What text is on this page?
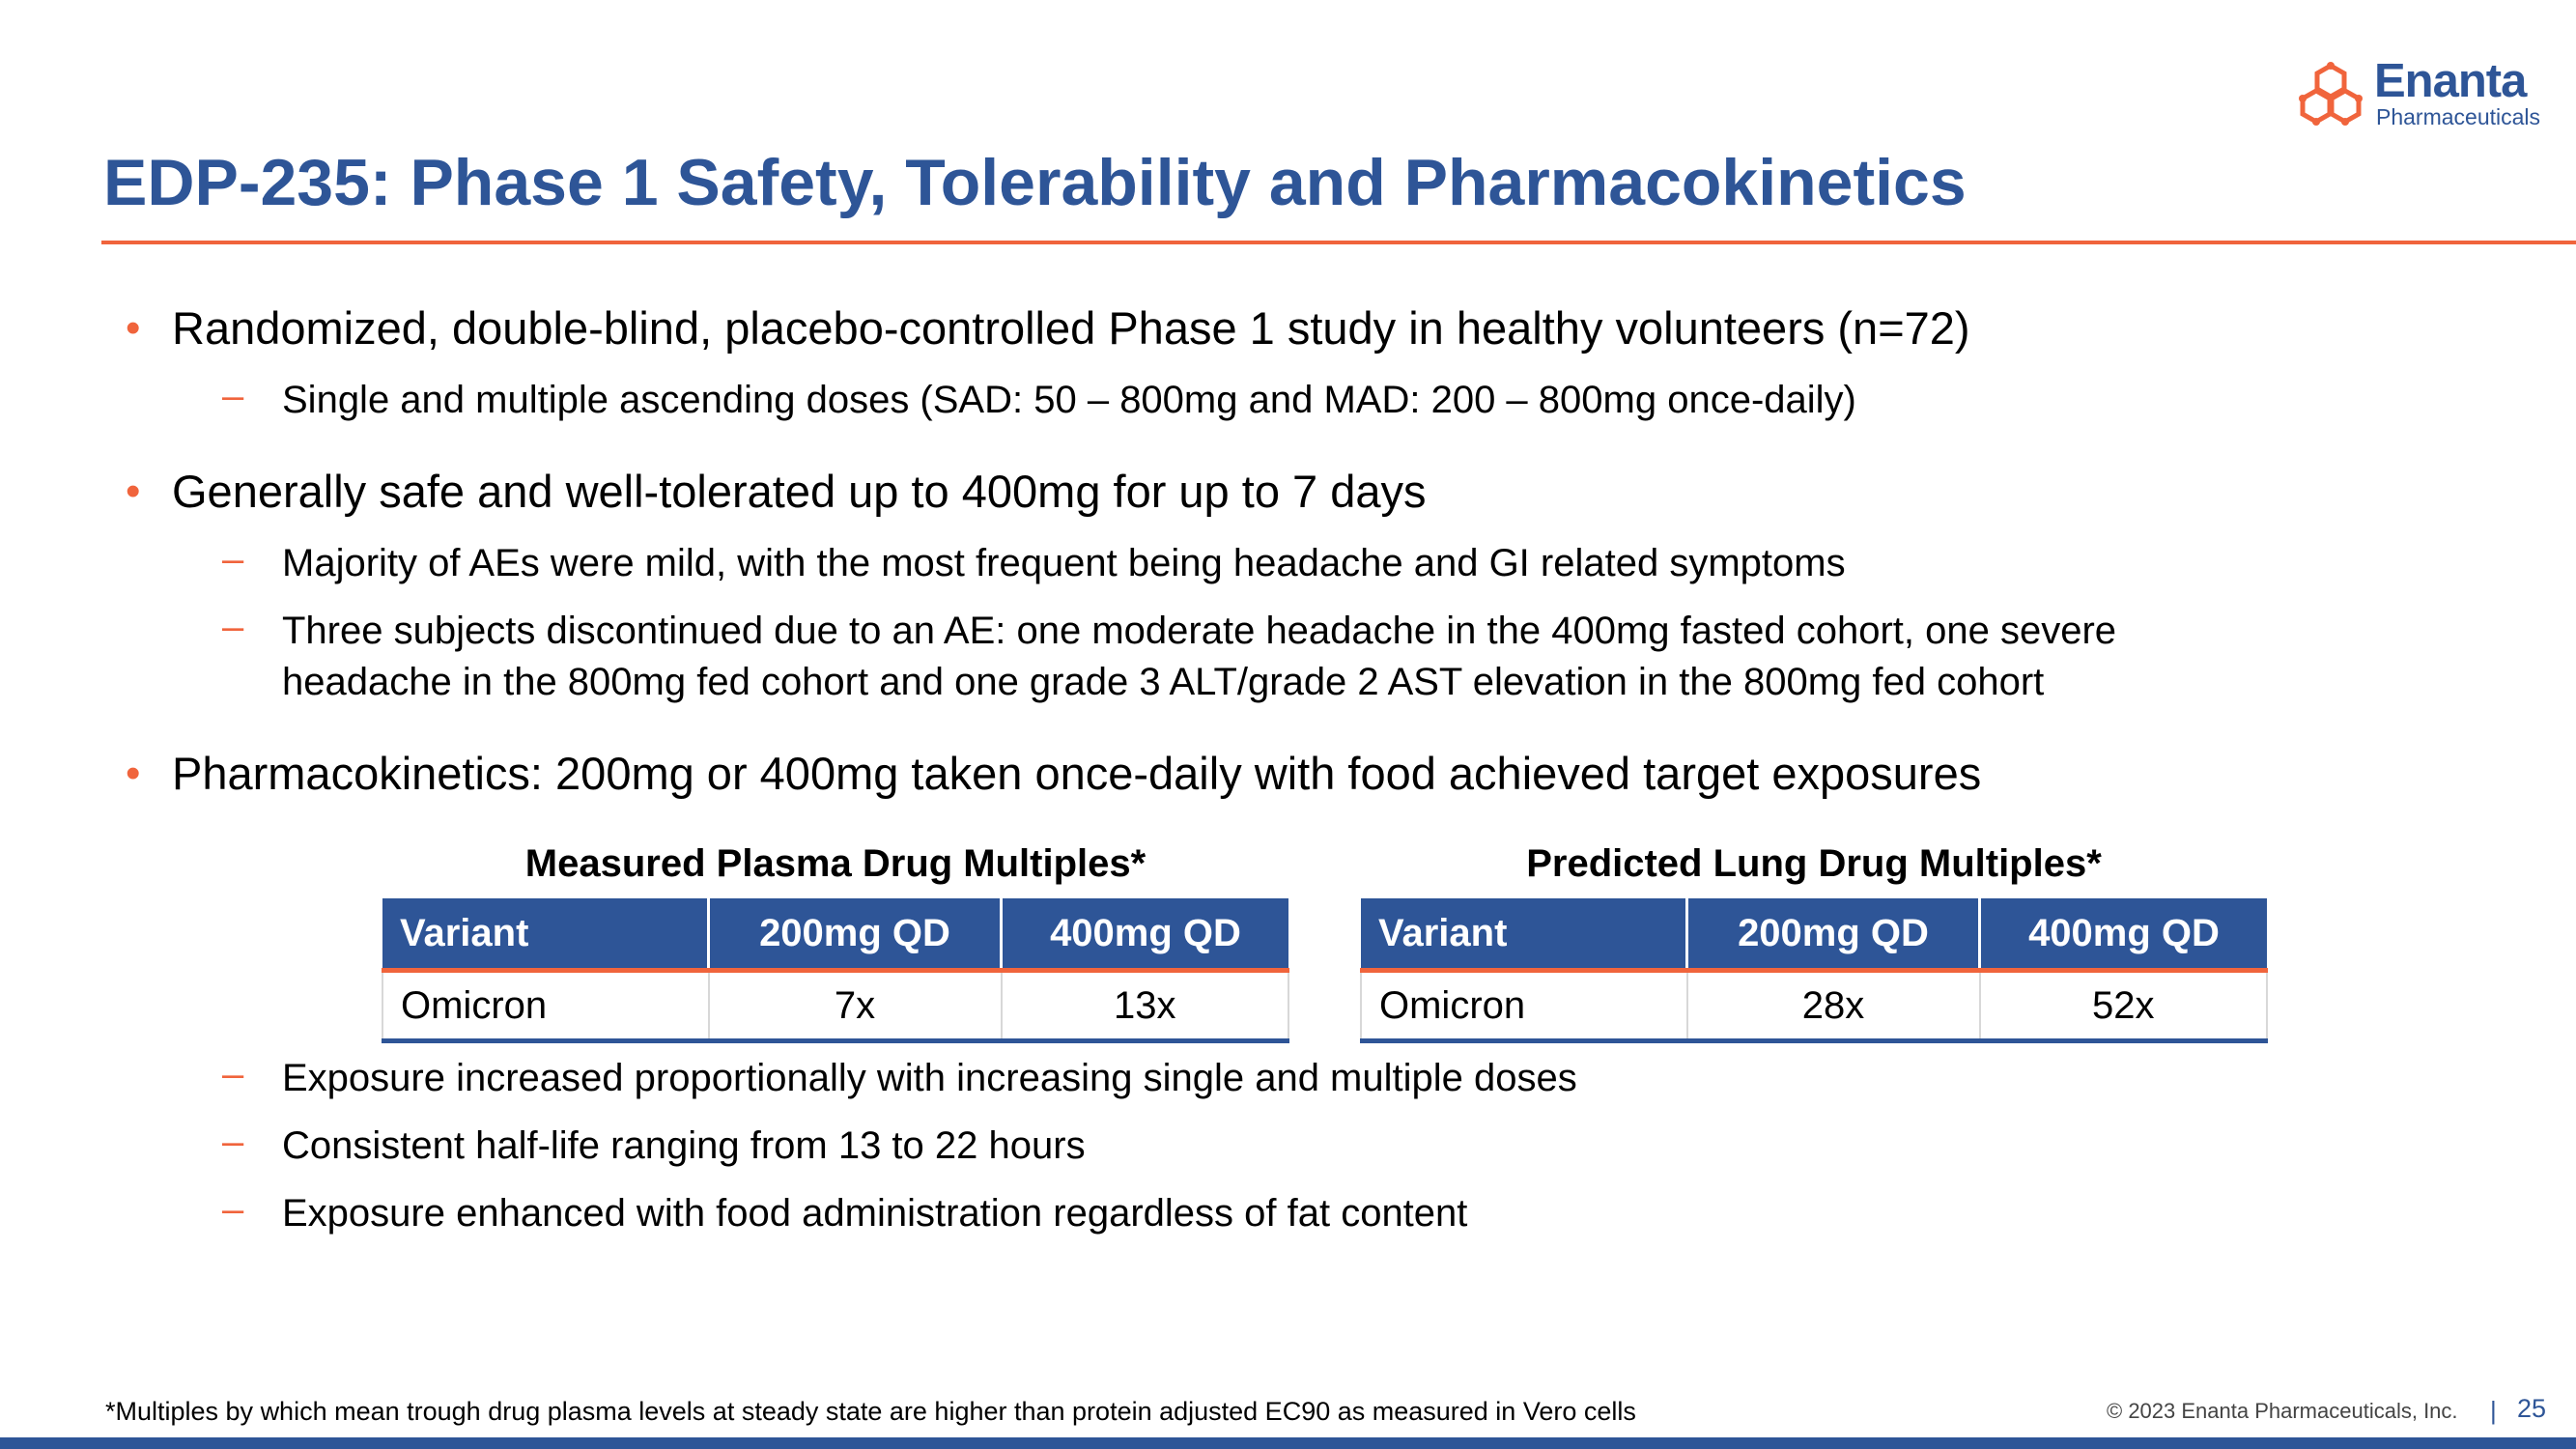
Enanta
Pharmaceuticals
EDP-235: Phase 1 Safety, Tolerability and Pharmacokinetics
• Randomized, double-blind, placebo-controlled Phase 1 study in healthy volunteers (n=72)
– Single and multiple ascending doses (SAD: 50 – 800mg and MAD: 200 – 800mg once-daily)
• Generally safe and well-tolerated up to 400mg for up to 7 days
– Majority of AEs were mild, with the most frequent being headache and GI related symptoms
– Three subjects discontinued due to an AE: one moderate headache in the 400mg fasted cohort, one severe
headache in the 800mg fed cohort and one grade 3 ALT/grade 2 AST elevation in the 800mg fed cohort
• Pharmacokinetics: 200mg or 400mg taken once-daily with food achieved target exposures
– Exposure increased proportionally with increasing single and multiple doses
– Consistent half-life ranging from 13 to 22 hours
– Exposure enhanced with food administration regardless of fat content
Measured Plasma Drug Multiples*
Variant	200mg QD	400mg QD
Omicron	7x	13x
Predicted Lung Drug Multiples*
Variant	200mg QD	400mg QD
Omicron	28x	52x
*Multiples by which mean trough drug plasma levels at steady state are higher than protein adjusted EC90 as measured in Vero cells	© 2023 Enanta Pharmaceuticals, Inc. | 25
